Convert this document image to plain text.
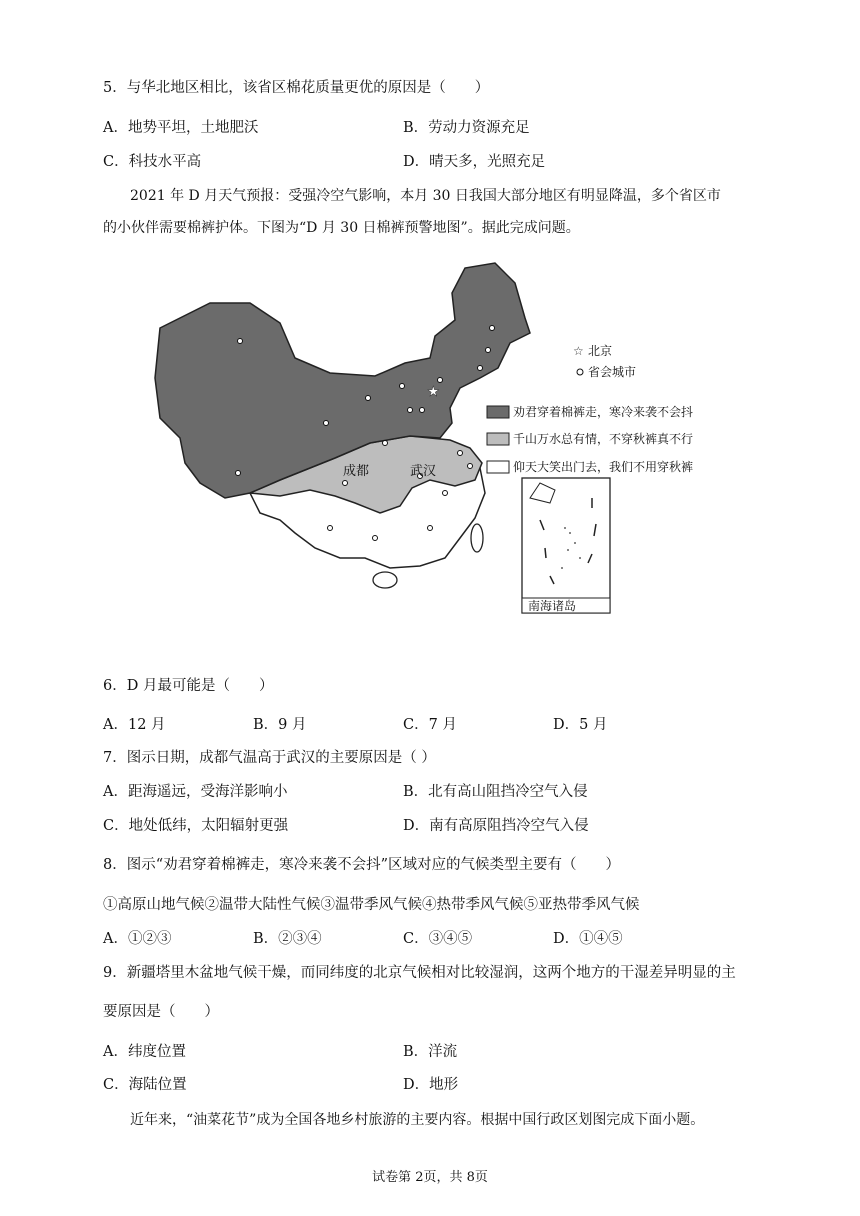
5．与华北地区相比，该省区棉花质量更优的原因是（　　）
A．地势平坦，土地肥沃	B．劳动力资源充足
C．科技水平高	D．晴天多，光照充足
2021 年 D 月天气预报：受强冷空气影响，本月 30 日我国大部分地区有明显降温，多个省区市
的小伙伴需要棉裤护体。下图为“D 月 30 日棉裤预警地图”。据此完成问题。
★
成都	武汉
☆ 北京
省会城市
劝君穿着棉裤走，寒冷来袭不会抖
千山万水总有情，不穿秋裤真不行
仰天大笑出门去，我们不用穿秋裤
南海诸岛
6．D 月最可能是（　　）
A．12 月	B．9 月	C．7 月	D．5 月
7．图示日期，成都气温高于武汉的主要原因是（ ）
A．距海遥远，受海洋影响小	B．北有高山阻挡冷空气入侵
C．地处低纬，太阳辐射更强	D．南有高原阻挡冷空气入侵
8．图示“劝君穿着棉裤走，寒冷来袭不会抖”区域对应的气候类型主要有（　　）
①高原山地气候②温带大陆性气候③温带季风气候④热带季风气候⑤亚热带季风气候
A．①②③	B．②③④	C．③④⑤	D．①④⑤
9．新疆塔里木盆地气候干燥，而同纬度的北京气候相对比较湿润，这两个地方的干湿差异明显的主
要原因是（　　）
A．纬度位置	B．洋流
C．海陆位置	D．地形
近年来，“油菜花节”成为全国各地乡村旅游的主要内容。根据中国行政区划图完成下面小题。
试卷第 2页，共 8页
